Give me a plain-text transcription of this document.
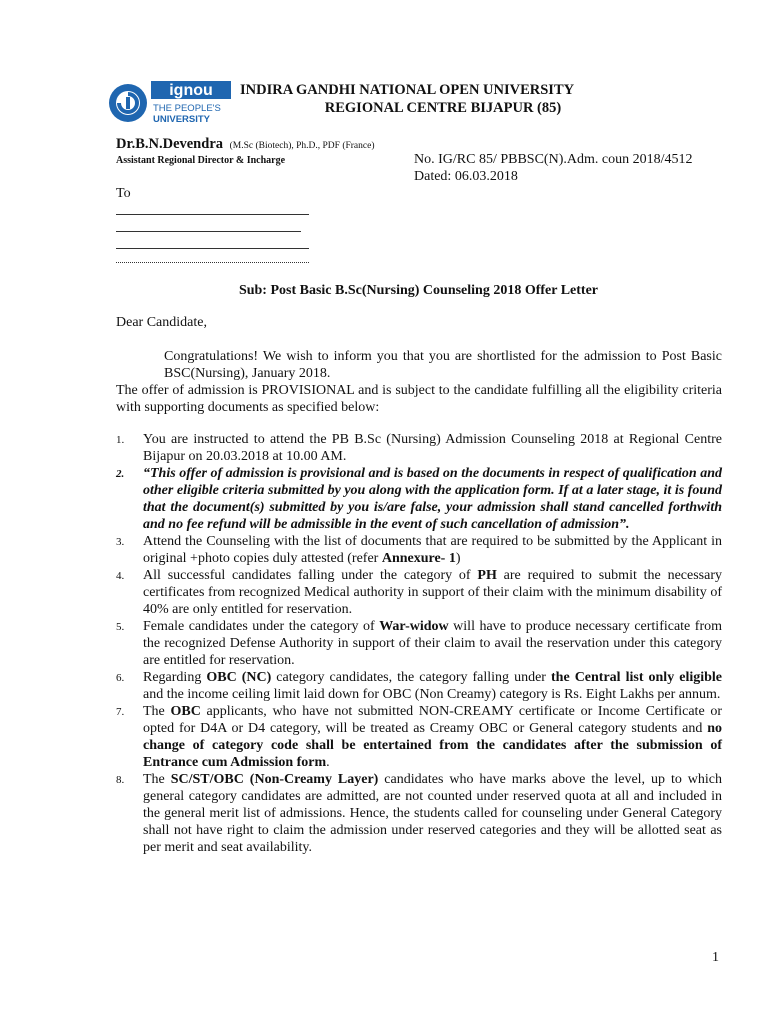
ignou
THE PEOPLE'S
UNIVERSITY
INDIRA GANDHI NATIONAL OPEN UNIVERSITY
REGIONAL CENTRE BIJAPUR (85)
Dr.B.N.Devendra (M.Sc (Biotech), Ph.D., PDF (France)
Assistant Regional Director & Incharge	No. IG/RC 85/ PBBSC(N).Adm. coun 2018/4512
Dated: 06.03.2018
To
Sub: Post Basic B.Sc(Nursing) Counseling 2018 Offer Letter
Dear Candidate,
Congratulations! We wish to inform you that you are shortlisted for the admission to Post Basic BSC(Nursing), January 2018.
The offer of admission is PROVISIONAL and is subject to the candidate fulfilling all the eligibility criteria with supporting documents as specified below:
1. You are instructed to attend the PB B.Sc (Nursing) Admission Counseling 2018 at Regional Centre Bijapur on 20.03.2018 at 10.00 AM.
2. “This offer of admission is provisional and is based on the documents in respect of qualification and other eligible criteria submitted by you along with the application form. If at a later stage, it is found that the document(s) submitted by you is/are false, your admission shall stand cancelled forthwith and no fee refund will be admissible in the event of such cancellation of admission”.
3. Attend the Counseling with the list of documents that are required to be submitted by the Applicant in original +photo copies duly attested (refer Annexure- 1)
4. All successful candidates falling under the category of PH are required to submit the necessary certificates from recognized Medical authority in support of their claim with the minimum disability of 40% are only entitled for reservation.
5. Female candidates under the category of War-widow will have to produce necessary certificate from the recognized Defense Authority in support of their claim to avail the reservation under this category are entitled for reservation.
6. Regarding OBC (NC) category candidates, the category falling under the Central list only eligible and the income ceiling limit laid down for OBC (Non Creamy) category is Rs. Eight Lakhs per annum.
7. The OBC applicants, who have not submitted NON-CREAMY certificate or Income Certificate or opted for D4A or D4 category, will be treated as Creamy OBC or General category students and no change of category code shall be entertained from the candidates after the submission of Entrance cum Admission form.
8. The SC/ST/OBC (Non-Creamy Layer) candidates who have marks above the level, up to which general category candidates are admitted, are not counted under reserved quota at all and included in the general merit list of admissions. Hence, the students called for counseling under General Category shall not have right to claim the admission under reserved categories and they will be allotted seat as per merit and seat availability.
1
